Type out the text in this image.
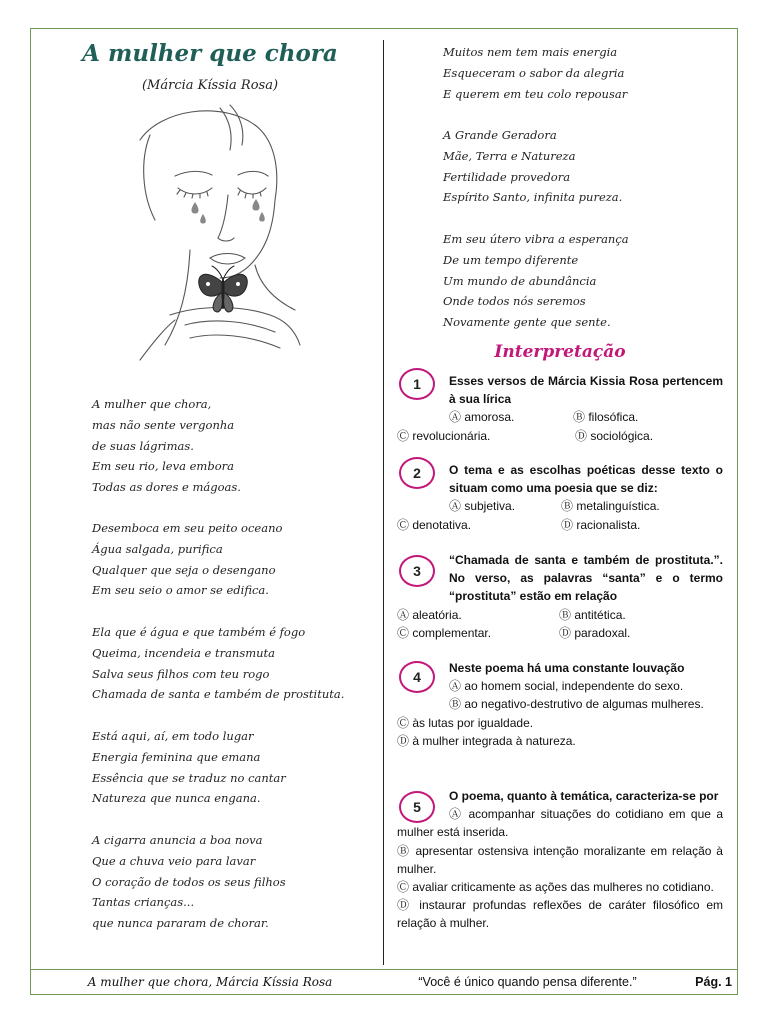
A mulher que chora
(Márcia Kíssia Rosa)
A mulher que chora,
mas não sente vergonha
de suas lágrimas.
Em seu rio, leva embora
Todas as dores e mágoas.
Desemboca em seu peito oceano
Água salgada, purifica
Qualquer que seja o desengano
Em seu seio o amor se edifica.
Ela que é água e que também é fogo
Queima, incendeia e transmuta
Salva seus filhos com teu rogo
Chamada de santa e também de prostituta.
Está aqui, aí, em todo lugar
Energia feminina que emana
Essência que se traduz no cantar
Natureza que nunca engana.
A cigarra anuncia a boa nova
Que a chuva veio para lavar
O coração de todos os seus filhos
Tantas crianças...
que nunca pararam de chorar.
Muitos nem tem mais energia
Esqueceram o sabor da alegria
E querem em teu colo repousar
A Grande Geradora
Mãe, Terra e Natureza
Fertilidade provedora
Espírito Santo, infinita pureza.
Em seu útero vibra a esperança
De um tempo diferente
Um mundo de abundância
Onde todos nós seremos
Novamente gente que sente.
Interpretação
1	Esses versos de Márcia Kissia Rosa pertencem à sua lírica
Ⓐ amorosa.	Ⓑ filosófica.
Ⓒ revolucionária.	Ⓓ sociológica.
2	O tema e as escolhas poéticas desse texto o situam como uma poesia que se diz:
Ⓐ subjetiva.	Ⓑ metalinguística.
Ⓒ denotativa.	Ⓓ racionalista.
3
“Chamada de santa e também de prostituta.”. No verso, as palavras “santa” e o termo “prostituta” estão em relação
Ⓐ aleatória.	Ⓑ antitética.
Ⓒ complementar.	Ⓓ paradoxal.
4
Neste poema há uma constante louvação
Ⓐ ao homem social, independente do sexo.
Ⓑ ao negativo-destrutivo de algumas mulheres.
Ⓒ às lutas por igualdade.
Ⓓ à mulher integrada à natureza.
5
O poema, quanto à temática, caracteriza-se por
Ⓐ acompanhar situações do cotidiano em que a mulher está inserida.
Ⓑ apresentar ostensiva intenção moralizante em relação à mulher.
Ⓒ avaliar criticamente as ações das mulheres no cotidiano.
Ⓓ instaurar profundas reflexões de caráter filosófico em relação à mulher.
A mulher que chora, Márcia Kíssia Rosa	“Você é único quando pensa diferente.”	Pág. 1
